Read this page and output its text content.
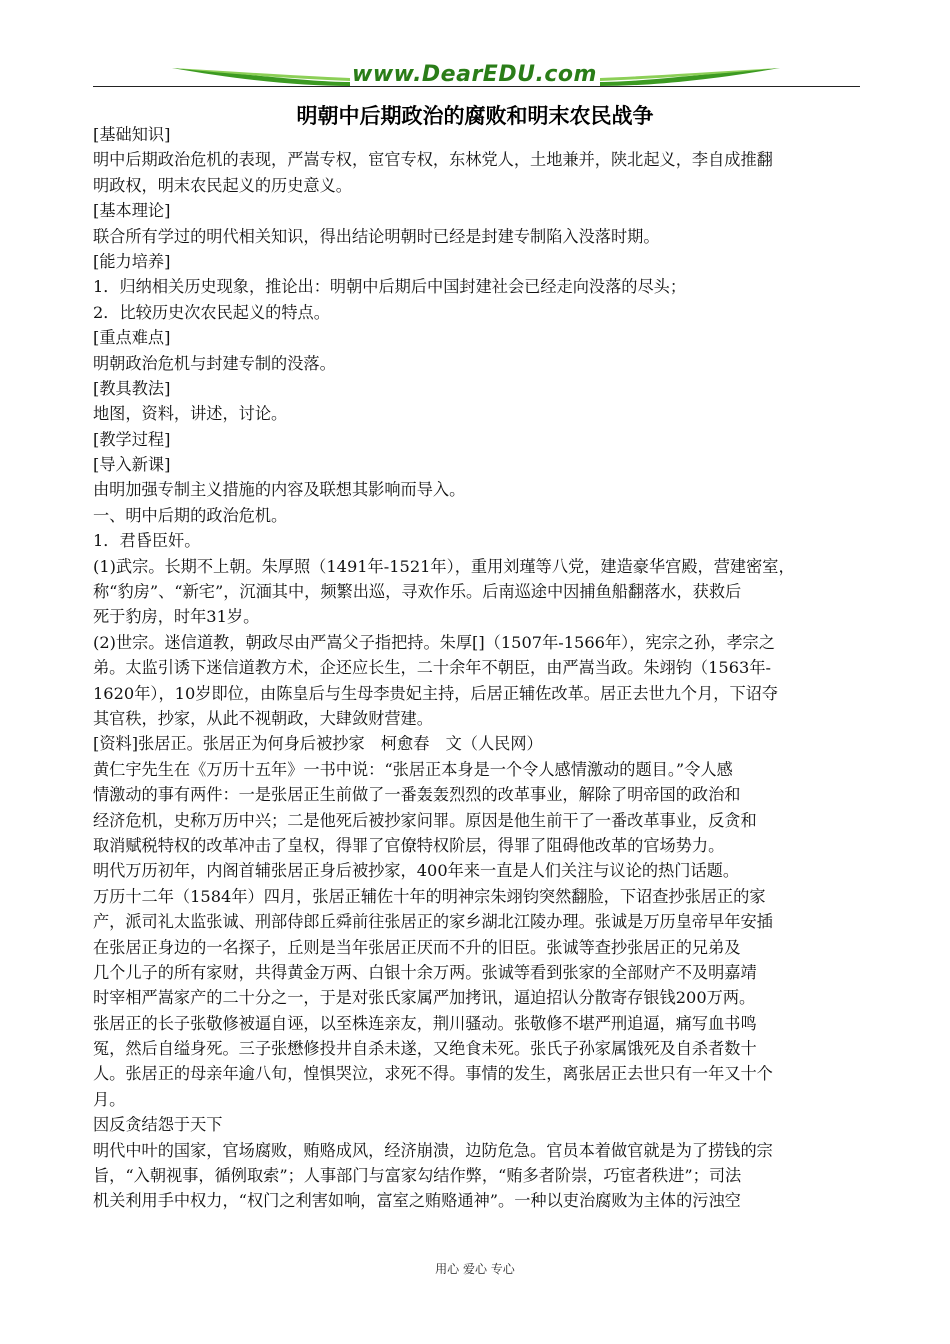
www.DearEDU.com
明朝中后期政治的腐败和明末农民战争
[基础知识]
明中后期政治危机的表现，严嵩专权，宦官专权，东林党人，土地兼并，陕北起义，李自成推翻
明政权，明末农民起义的历史意义。
[基本理论]
联合所有学过的明代相关知识，得出结论明朝时已经是封建专制陷入没落时期。
[能力培养]
1．归纳相关历史现象，推论出：明朝中后期后中国封建社会已经走向没落的尽头；
2．比较历史次农民起义的特点。
[重点难点]
明朝政治危机与封建专制的没落。
[教具教法]
地图，资料，讲述，讨论。
[教学过程]
[导入新课]
由明加强专制主义措施的内容及联想其影响而导入。
一、明中后期的政治危机。
1．君昏臣奸。
(1)武宗。长期不上朝。朱厚照（1491年-1521年），重用刘瑾等八党，建造豪华宫殿，营建密室，
称“豹房”、“新宅”，沉湎其中，频繁出巡，寻欢作乐。后南巡途中因捕鱼船翻落水，获救后
死于豹房，时年31岁。
(2)世宗。迷信道教，朝政尽由严嵩父子指把持。朱厚[]（1507年-1566年），宪宗之孙，孝宗之
弟。太监引诱下迷信道教方术，企还应长生，二十余年不朝臣，由严嵩当政。朱翊钧（1563年-
1620年），10岁即位，由陈皇后与生母李贵妃主持，后居正辅佐改革。居正去世九个月，下诏夺
其官秩，抄家，从此不视朝政，大肆敛财营建。
[资料]张居正。张居正为何身后被抄家　柯愈春　文（人民网）
黄仁宇先生在《万历十五年》一书中说：“张居正本身是一个令人感情激动的题目。”令人感
情激动的事有两件：一是张居正生前做了一番轰轰烈烈的改革事业，解除了明帝国的政治和
经济危机，史称万历中兴；二是他死后被抄家问罪。原因是他生前干了一番改革事业，反贪和
取消赋税特权的改革冲击了皇权，得罪了官僚特权阶层，得罪了阻碍他改革的官场势力。
明代万历初年，内阁首辅张居正身后被抄家，400年来一直是人们关注与议论的热门话题。
万历十二年（1584年）四月，张居正辅佐十年的明神宗朱翊钧突然翻脸，下诏查抄张居正的家
产，派司礼太监张诚、刑部侍郎丘舜前往张居正的家乡湖北江陵办理。张诚是万历皇帝早年安插
在张居正身边的一名探子，丘则是当年张居正厌而不升的旧臣。张诚等查抄张居正的兄弟及
几个儿子的所有家财，共得黄金万两、白银十余万两。张诚等看到张家的全部财产不及明嘉靖
时宰相严嵩家产的二十分之一，于是对张氏家属严加拷讯，逼迫招认分散寄存银钱200万两。
张居正的长子张敬修被逼自诬，以至株连亲友，荆川骚动。张敬修不堪严刑追逼，痛写血书鸣
冤，然后自缢身死。三子张懋修投井自杀未遂，又绝食未死。张氏子孙家属饿死及自杀者数十
人。张居正的母亲年逾八旬，惶惧哭泣，求死不得。事情的发生，离张居正去世只有一年又十个
月。
因反贪结怨于天下
明代中叶的国家，官场腐败，贿赂成风，经济崩溃，边防危急。官员本着做官就是为了捞钱的宗
旨，“入朝视事，循例取索”；人事部门与富家勾结作弊，“贿多者阶崇，巧宦者秩进”；司法
机关利用手中权力，“权门之利害如响，富室之贿赂通神”。一种以吏治腐败为主体的污浊空
用心 爱心 专心
